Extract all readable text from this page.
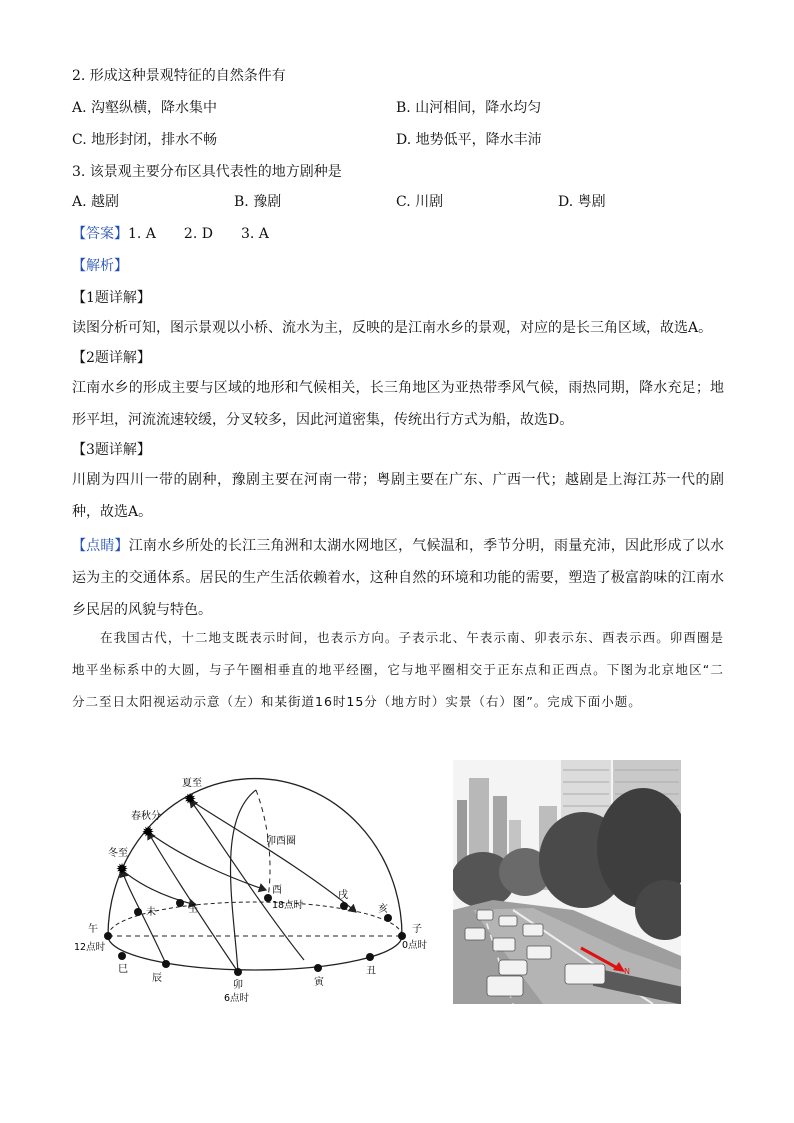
2. 形成这种景观特征的自然条件有
A. 沟壑纵横，降水集中	B. 山河相间，降水均匀
C. 地形封闭，排水不畅	D. 地势低平，降水丰沛
3. 该景观主要分布区具代表性的地方剧种是
A. 越剧	B. 豫剧	C. 川剧	D. 粤剧
【答案】1. A　　2. D　　3. A
【解析】
【1题详解】
读图分析可知，图示景观以小桥、流水为主，反映的是江南水乡的景观，对应的是长三角区域，故选A。
【2题详解】
江南水乡的形成主要与区域的地形和气候相关，长三角地区为亚热带季风气候，雨热同期，降水充足；地形平坦，河流流速较缓，分叉较多，因此河道密集，传统出行方式为船，故选D。
【3题详解】
川剧为四川一带的剧种，豫剧主要在河南一带；粤剧主要在广东、广西一代；越剧是上海江苏一代的剧种，故选A。
【点睛】江南水乡所处的长江三角洲和太湖水网地区，气候温和，季节分明，雨量充沛，因此形成了以水运为主的交通体系。居民的生产生活依赖着水，这种自然的环境和功能的需要，塑造了极富韵味的江南水乡民居的风貌与特色。
在我国古代，十二地支既表示时间，也表示方向。子表示北、午表示南、卯表示东、酉表示西。卯酉圈是地平坐标系中的大圆，与子午圈相垂直的地平经圈，它与地平圈相交于正东点和正西点。下图为北京地区“二分二至日太阳视运动示意（左）和某街道16时15分（地方时）实景（右）图”。完成下面小题。
✹
✹
✹
夏至
春秋分
冬至
卯酉圈
午
12点时
子
0点时
巳
辰
卯
6点时
寅
丑
未	壬
酉
18点时
戌
亥
N
